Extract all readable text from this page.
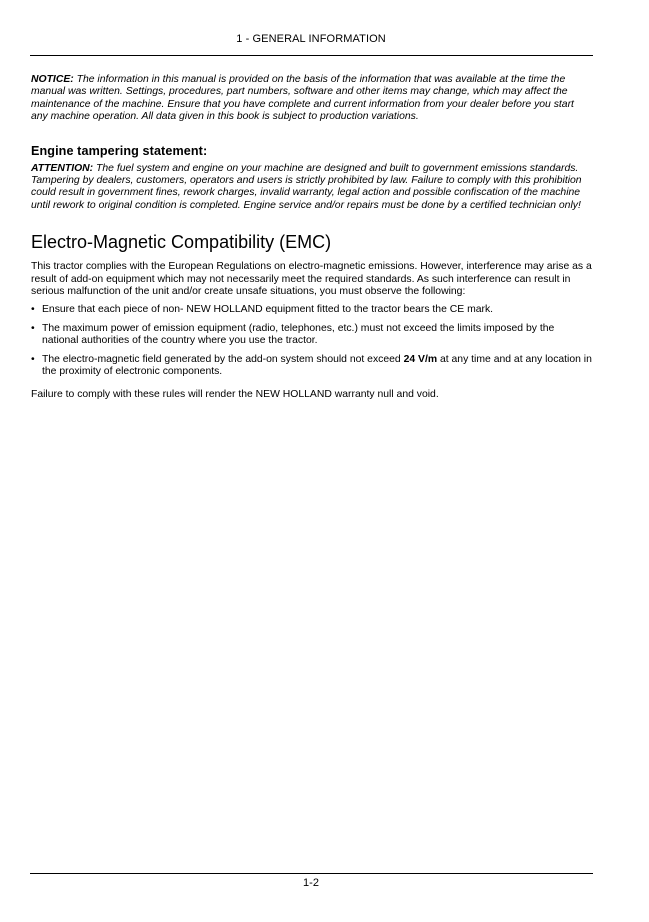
1 - GENERAL INFORMATION

NOTICE: The information in this manual is provided on the basis of the information that was available at the time the manual was written. Settings, procedures, part numbers, software and other items may change, which may affect the maintenance of the machine. Ensure that you have complete and current information from your dealer before you start any machine operation. All data given in this book is subject to production variations.

Engine tampering statement:

ATTENTION: The fuel system and engine on your machine are designed and built to government emissions standards. Tampering by dealers, customers, operators and users is strictly prohibited by law. Failure to comply with this prohibition could result in government fines, rework charges, invalid warranty, legal action and possible confiscation of the machine until rework to original condition is completed. Engine service and/or repairs must be done by a certified technician only!

Electro-Magnetic Compatibility (EMC)

This tractor complies with the European Regulations on electro-magnetic emissions. However, interference may arise as a result of add-on equipment which may not necessarily meet the required standards. As such interference can result in serious malfunction of the unit and/or create unsafe situations, you must observe the following:

• Ensure that each piece of non- NEW HOLLAND equipment fitted to the tractor bears the CE mark.
• The maximum power of emission equipment (radio, telephones, etc.) must not exceed the limits imposed by the national authorities of the country where you use the tractor.
• The electro-magnetic field generated by the add-on system should not exceed 24 V/m at any time and at any location in the proximity of electronic components.

Failure to comply with these rules will render the NEW HOLLAND warranty null and void.

1-2
